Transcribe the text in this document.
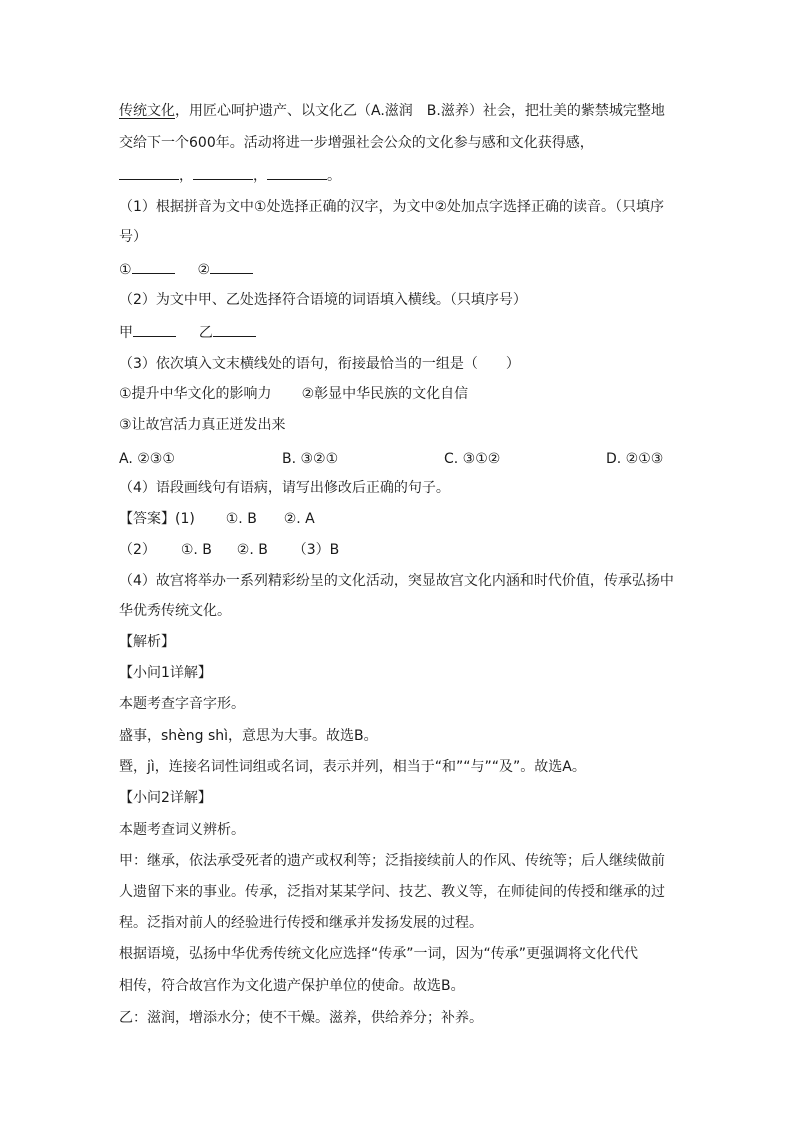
传统文化，用匠心呵护遗产、以文化乙（A.滋润　B.滋养）社会，把壮美的紫禁城完整地
交给下一个600年。活动将进一步增强社会公众的文化参与感和文化获得感，
，	，	。
（1）根据拼音为文中①处选择正确的汉字，为文中②处加点字选择正确的读音。（只填序
号）
①	②
（2）为文中甲、乙处选择符合语境的词语填入横线。（只填序号）
甲	乙
（3）依次填入文末横线处的语句，衔接最恰当的一组是（　　）
①提升中华文化的影响力 ②彰显中华民族的文化自信
③让故宫活力真正迸发出来
A. ②③①	B. ③②①	C. ③①②	D. ②①③
（4）语段画线句有语病，请写出修改后正确的句子。
【答案】(1) ①. B ②. A
（2） ①. B ②. B （3）B
（4）故宫将举办一系列精彩纷呈的文化活动，突显故宫文化内涵和时代价值，传承弘扬中
华优秀传统文化。
【解析】
【小问1详解】
本题考查字音字形。
盛事，shèng shì，意思为大事。故选B。
暨，jì，连接名词性词组或名词，表示并列，相当于“和”“与”“及”。故选A。
【小问2详解】
本题考查词义辨析。
甲：继承，依法承受死者的遗产或权利等；泛指接续前人的作风、传统等；后人继续做前
人遗留下来的事业。传承，泛指对某某学问、技艺、教义等，在师徒间的传授和继承的过
程。泛指对前人的经验进行传授和继承并发扬发展的过程。
根据语境，弘扬中华优秀传统文化应选择“传承”一词，因为“传承”更强调将文化代代
相传，符合故宫作为文化遗产保护单位的使命。故选B。
乙：滋润，增添水分；使不干燥。滋养，供给养分；补养。
